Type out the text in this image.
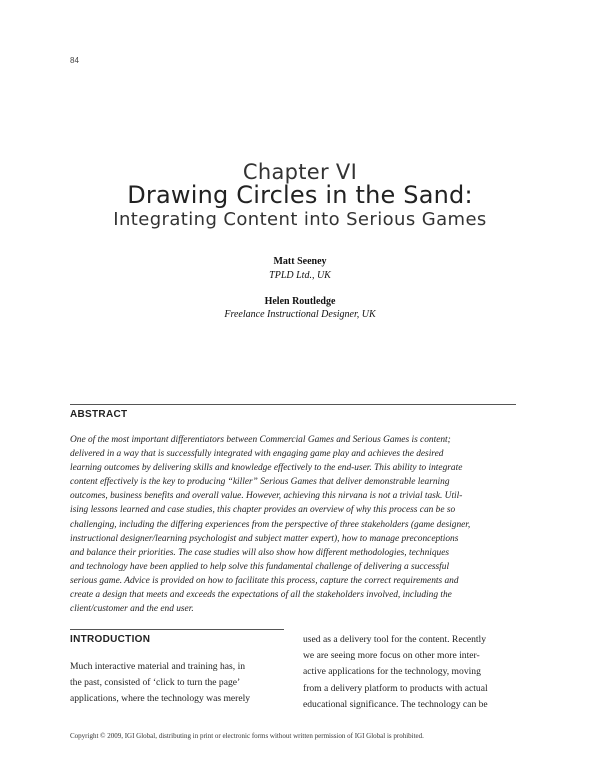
84
Chapter VI
Drawing Circles in the Sand:
Integrating Content into Serious Games
Matt Seeney
TPLD Ltd., UK
Helen Routledge
Freelance Instructional Designer, UK
ABSTRACT
One of the most important differentiators between Commercial Games and Serious Games is content;
delivered in a way that is successfully integrated with engaging game play and achieves the desired
learning outcomes by delivering skills and knowledge effectively to the end-user. This ability to integrate
content effectively is the key to producing “killer” Serious Games that deliver demonstrable learning
outcomes, business benefits and overall value. However, achieving this nirvana is not a trivial task. Util-
ising lessons learned and case studies, this chapter provides an overview of why this process can be so
challenging, including the differing experiences from the perspective of three stakeholders (game designer,
instructional designer/learning psychologist and subject matter expert), how to manage preconceptions
and balance their priorities. The case studies will also show how different methodologies, techniques
and technology have been applied to help solve this fundamental challenge of delivering a successful
serious game. Advice is provided on how to facilitate this process, capture the correct requirements and
create a design that meets and exceeds the expectations of all the stakeholders involved, including the
client/customer and the end user.
INTRODUCTION
Much interactive material and training has, in
the past, consisted of ‘click to turn the page’
applications, where the technology was merely
used as a delivery tool for the content. Recently
we are seeing more focus on other more inter-
active applications for the technology, moving
from a delivery platform to products with actual
educational significance. The technology can be
Copyright © 2009, IGI Global, distributing in print or electronic forms without written permission of IGI Global is prohibited.
